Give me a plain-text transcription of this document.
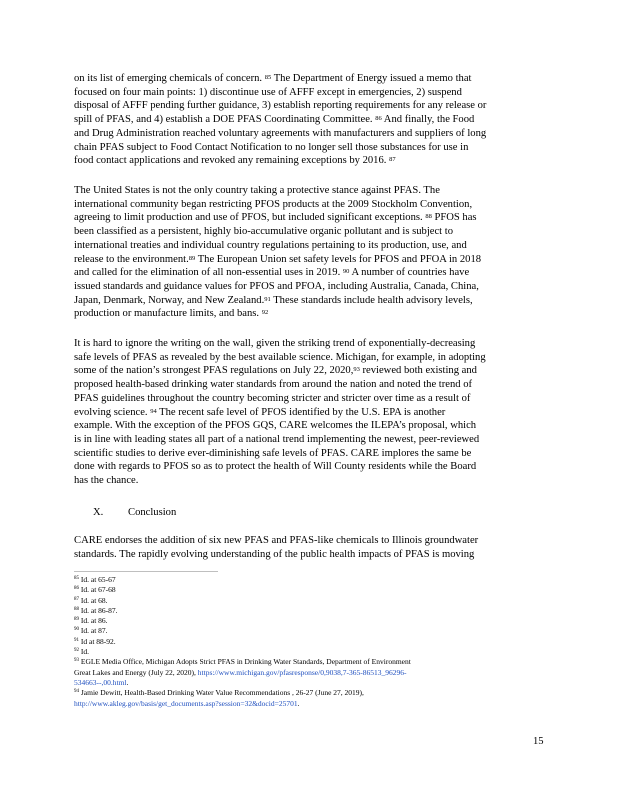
on its list of emerging chemicals of concern. $^{85}$ The Department of Energy issued a memo that
focused on four main points: 1) discontinue use of AFFF except in emergencies, 2) suspend
disposal of AFFF pending further guidance, 3) establish reporting requirements for any release or
spill of PFAS, and 4) establish a DOE PFAS Coordinating Committee. $^{86}$ And finally, the Food
and Drug Administration reached voluntary agreements with manufacturers and suppliers of long
chain PFAS subject to Food Contact Notification to no longer sell those substances for use in
food contact applications and revoked any remaining exceptions by 2016. $^{87}$
The United States is not the only country taking a protective stance against PFAS. The
international community began restricting PFOS products at the 2009 Stockholm Convention,
agreeing to limit production and use of PFOS, but included significant exceptions. $^{88}$ PFOS has
been classified as a persistent, highly bio-accumulative organic pollutant and is subject to
international treaties and individual country regulations pertaining to its production, use, and
release to the environment.$^{89}$ The European Union set safety levels for PFOS and PFOA in 2018
and called for the elimination of all non-essential uses in 2019. $^{90}$ A number of countries have
issued standards and guidance values for PFOS and PFOA, including Australia, Canada, China,
Japan, Denmark, Norway, and New Zealand.$^{91}$ These standards include health advisory levels,
production or manufacture limits, and bans. $^{92}$
It is hard to ignore the writing on the wall, given the striking trend of exponentially-decreasing
safe levels of PFAS as revealed by the best available science. Michigan, for example, in adopting
some of the nation’s strongest PFAS regulations on July 22, 2020,93 reviewed both existing and
proposed health-based drinking water standards from around the nation and noted the trend of
PFAS guidelines throughout the country becoming stricter and stricter over time as a result of
evolving science. $^{94}$ The recent safe level of PFOS identified by the U.S. EPA is another
example. With the exception of the PFOS GQS, CARE welcomes the ILEPA’s proposal, which
is in line with leading states all part of a national trend implementing the newest, peer-reviewed
scientific studies to derive ever-diminishing safe levels of PFAS. CARE implores the same be
done with regards to PFOS so as to protect the health of Will County residents while the Board
has the chance.
X. Conclusion
CARE endorses the addition of six new PFAS and PFAS-like chemicals to Illinois groundwater
standards. The rapidly evolving understanding of the public health impacts of PFAS is moving
$^{85}$ Id. at 65-67
$^{86}$ Id. at 67-68
$^{87}$ Id. at 68.
$^{88}$ Id. at 86-87.
$^{89}$ Id. at 86.
$^{90}$ Id. at 87.
$^{91}$ Id at 88-92.
$^{92}$ Id.
$^{93}$ EGLE Media Office, Michigan Adopts Strict PFAS in Drinking Water Standards, Department of Environment
Great Lakes and Energy (July 22, 2020), https://www.michigan.gov/pfasresponse/0,9038,7-365-86513_96296-
534663--,00.html.
$^{94}$ Jamie Dewitt, Health-Based Drinking Water Value Recommendations , 26-27 (June 27, 2019),
http://www.akleg.gov/basis/get_documents.asp?session=32&docid=25701.
15
